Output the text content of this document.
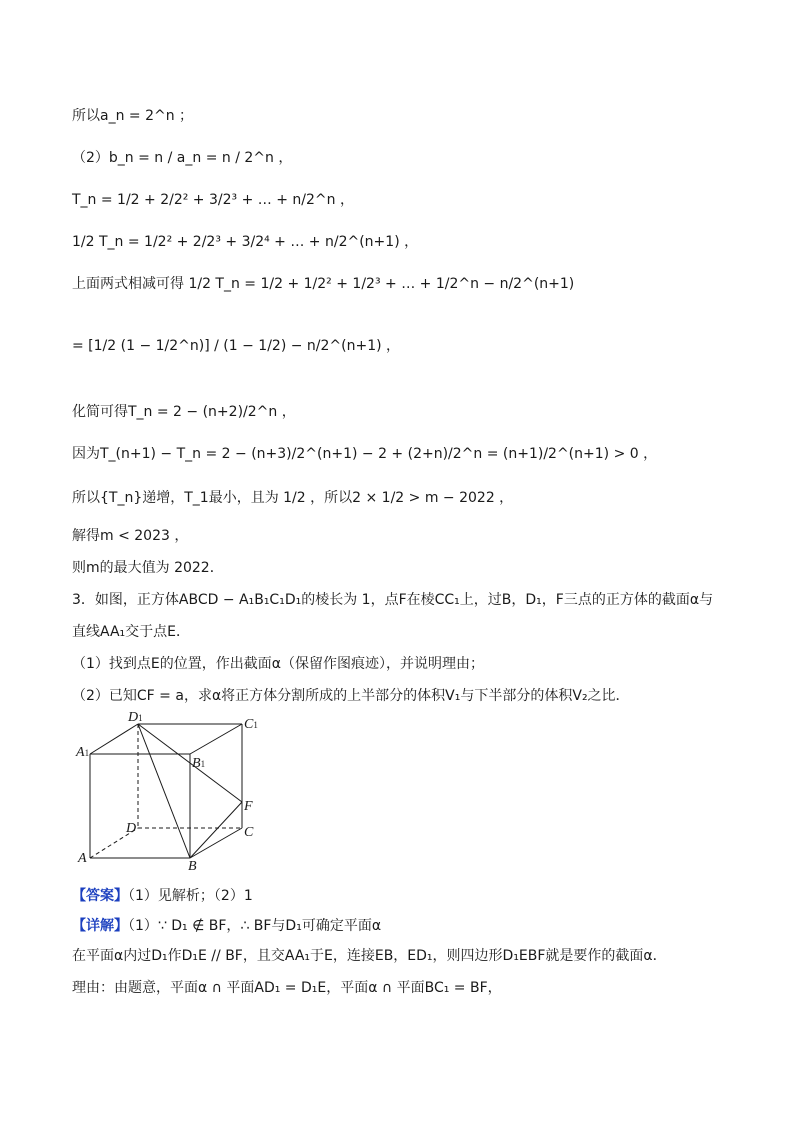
所以a_n = 2^n ；
（2）b_n = n / a_n = n / 2^n ，
T_n = 1/2 + 2/2² + 3/2³ + … + n/2^n ，
1/2 T_n = 1/2² + 2/2³ + 3/2⁴ + … + n/2^(n+1) ，
上面两式相减可得 1/2 T_n = 1/2 + 1/2² + 1/2³ + … + 1/2^n − n/2^(n+1)
= [1/2 (1 − 1/2^n)] / (1 − 1/2) − n/2^(n+1) ，
化简可得T_n = 2 − (n+2)/2^n ，
因为T_(n+1) − T_n = 2 − (n+3)/2^(n+1) − 2 + (2+n)/2^n = (n+1)/2^(n+1) > 0 ，
所以{T_n}递增，T_1最小，且为 1/2 ，所以2 × 1/2 > m − 2022 ，
解得m < 2023 ，
则m的最大值为 2022．
3．如图，正方体ABCD − A₁B₁C₁D₁的棱长为 1，点F在棱CC₁上，过B，D₁，F三点的正方体的截面α与
直线AA₁交于点E．
（1）找到点E的位置，作出截面α（保留作图痕迹），并说明理由；
（2）已知CF = a，求α将正方体分割所成的上半部分的体积V₁与下半部分的体积V₂之比．
D1	C1
A1
B1
F
D	C
A
B
【答案】（1）见解析；（2）1
【详解】（1）∵ D₁ ∉ BF，∴ BF与D₁可确定平面α
在平面α内过D₁作D₁E // BF，且交AA₁于E，连接EB，ED₁，则四边形D₁EBF就是要作的截面α．
理由：由题意，平面α ∩ 平面AD₁ = D₁E，平面α ∩ 平面BC₁ = BF，
